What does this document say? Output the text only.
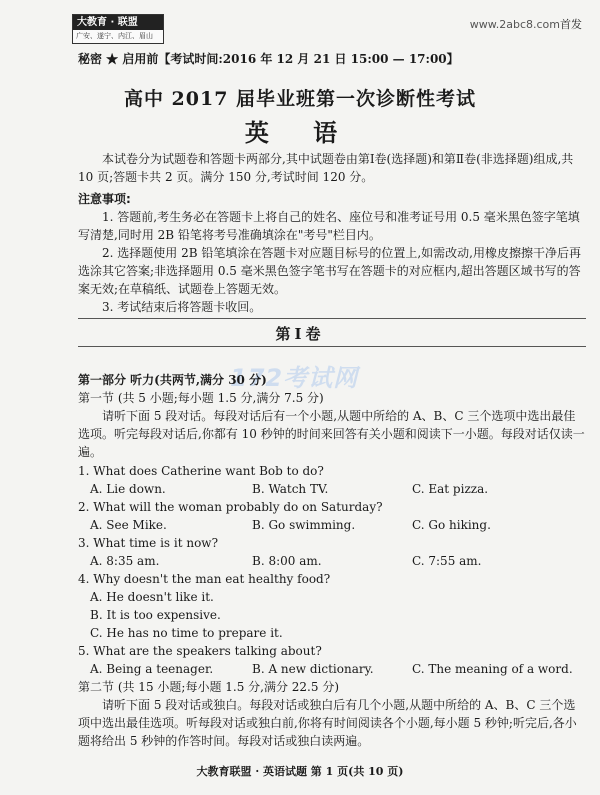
大教育 · 联盟
广安、遂宁、内江、眉山
www.2abc8.com首发
秘密 ★ 启用前【考试时间:2016 年 12 月 21 日 15:00 — 17:00】
高中 2017 届毕业班第一次诊断性考试
英 语
本试卷分为试题卷和答题卡两部分,其中试题卷由第Ⅰ卷(选择题)和第Ⅱ卷(非选择题)组成,共 10 页;答题卡共 2 页。满分 150 分,考试时间 120 分。
注意事项:
1. 答题前,考生务必在答题卡上将自己的姓名、座位号和准考证号用 0.5 毫米黑色签字笔填写清楚,同时用 2B 铅笔将考号准确填涂在"考号"栏目内。
2. 选择题使用 2B 铅笔填涂在答题卡对应题目标号的位置上,如需改动,用橡皮擦擦干净后再选涂其它答案;非选择题用 0.5 毫米黑色签字笔书写在答题卡的对应框内,超出答题区域书写的答案无效;在草稿纸、试题卷上答题无效。
3. 考试结束后将答题卡收回。
第Ⅰ卷
172考试网
第一部分 听力(共两节,满分 30 分)
第一节 (共 5 小题;每小题 1.5 分,满分 7.5 分)
请听下面 5 段对话。每段对话后有一个小题,从题中所给的 A、B、C 三个选项中选出最佳选项。听完每段对话后,你都有 10 秒钟的时间来回答有关小题和阅读下一小题。每段对话仅读一遍。
1. What does Catherine want Bob to do?
A. Lie down.	B. Watch TV.	C. Eat pizza.
2. What will the woman probably do on Saturday?
A. See Mike.	B. Go swimming.	C. Go hiking.
3. What time is it now?
A. 8:35 am.	B. 8:00 am.	C. 7:55 am.
4. Why doesn't the man eat healthy food?
A. He doesn't like it.
B. It is too expensive.
C. He has no time to prepare it.
5. What are the speakers talking about?
A. Being a teenager.	B. A new dictionary.	C. The meaning of a word.
第二节 (共 15 小题;每小题 1.5 分,满分 22.5 分)
请听下面 5 段对话或独白。每段对话或独白后有几个小题,从题中所给的 A、B、C 三个选项中选出最佳选项。听每段对话或独白前,你将有时间阅读各个小题,每小题 5 秒钟;听完后,各小题将给出 5 秒钟的作答时间。每段对话或独白读两遍。
大教育联盟 · 英语试题 第 1 页(共 10 页)
